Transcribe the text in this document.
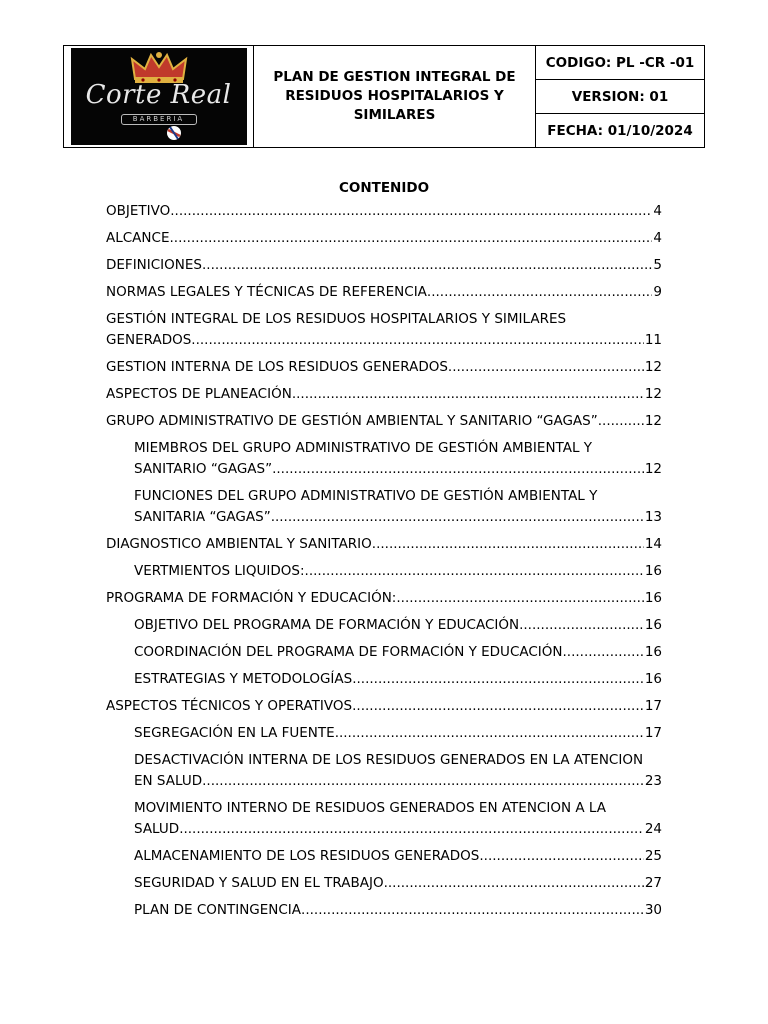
Corte Real
BARBERIA
PLAN DE GESTION INTEGRAL DE RESIDUOS HOSPITALARIOS Y SIMILARES
CODIGO: PL -CR -01
VERSION: 01
FECHA: 01/10/2024
CONTENIDO
OBJETIVO .....	4
ALCANCE .....	4
DEFINICIONES .....	5
NORMAS LEGALES Y TÉCNICAS DE REFERENCIA .....	9
GESTIÓN INTEGRAL DE LOS RESIDUOS HOSPITALARIOS Y SIMILARES
GENERADOS .....	11
GESTION INTERNA DE LOS RESIDUOS GENERADOS .....	12
ASPECTOS DE PLANEACIÓN .....	12
GRUPO ADMINISTRATIVO DE GESTIÓN AMBIENTAL Y SANITARIO “GAGAS” .....	12
MIEMBROS DEL GRUPO ADMINISTRATIVO DE GESTIÓN AMBIENTAL Y
SANITARIO “GAGAS” .....	12
FUNCIONES DEL GRUPO ADMINISTRATIVO DE GESTIÓN AMBIENTAL Y
SANITARIA “GAGAS” .....	13
DIAGNOSTICO AMBIENTAL Y SANITARIO .....	14
VERTMIENTOS LIQUIDOS: .....	16
PROGRAMA DE FORMACIÓN Y EDUCACIÓN: .....	16
OBJETIVO DEL PROGRAMA DE FORMACIÓN Y EDUCACIÓN .....	16
COORDINACIÓN DEL PROGRAMA DE FORMACIÓN Y EDUCACIÓN .....	16
ESTRATEGIAS Y METODOLOGÍAS .....	16
ASPECTOS TÉCNICOS Y OPERATIVOS .....	17
SEGREGACIÓN EN LA FUENTE .....	17
DESACTIVACIÓN INTERNA DE LOS RESIDUOS GENERADOS EN LA ATENCION
EN SALUD .....	23
MOVIMIENTO INTERNO DE RESIDUOS GENERADOS EN ATENCION A LA
SALUD .....	24
ALMACENAMIENTO DE LOS RESIDUOS GENERADOS .....	25
SEGURIDAD Y SALUD EN EL TRABAJO .....	27
PLAN DE CONTINGENCIA .....	30
